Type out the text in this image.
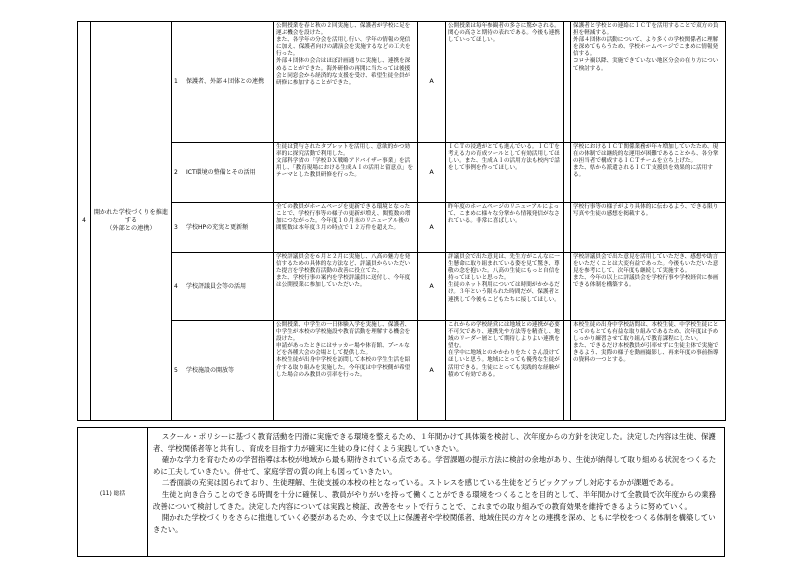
4	開かれた学校づくりを推進する
（外部との連携）	1 保護者、外部４団体との連携	公開授業を春と秋の２回実施し、保護者が学校に足を運ぶ機会を設けた。
また、各学年の分会を活用し行い、学年の情報の発信に加え、保護者向けの講演会を実施するなどの工夫を行った。
外部４団体の会合はほぼ計画通りに実施し、連携を深めることができた。海外研修の再開に当たっては後援会と同窓会から経済的な支援を受け、希望生徒全員が研修に参加することができた。	A	公開授業は毎年参観者の多さに驚かされる。関心の高さと期待の表れである。今後も連携していってほしい。		保護者と学校との連絡にＩＣＴを活用することで双方の負担を軽減する。
外部４団体の活動について、より多くの学校関係者に理解を深めてもらうため、学校ホームページでこまめに情報発信する。
コロナ禍以降、実施できていない地区分会の在り方について検討する。
		2 ICT環境の整備とその活用	生徒は貸与されたタブレットを活用し、意欲的かつ効率的に探究活動で利用した。
文部科学省の「学校ＤＸ戦略アドバイザー事業」を活用し、「教育現場における生成ＡＩの活用と留意点」をテーマとした教員研修を行った。	A	ＩＣＴの浸透がとても進んでいる。ＩＣＴを考える力の育成ツールとして有効活用してほしい。また、生成ＡＩの活用方法も校内で話をして事例を作ってほしい。		学校におけるＩＣＴ関係業務が年々増加していたため、現在の体制では継続的な運用が困難であることから、各分掌の担当者で構成するＩＣＴチームを立ち上げた。
また、県から派遣されるＩＣＴ支援員を効果的に活用する。
		3 学校HPの充実と更新頻	全ての教員がホームページを更新できる環境となったことで、学校行事等の様子の更新が増え、閲覧数の増加につながった。今年度１０月末のリニューアル後の閲覧数は本年度３月の時点で１２万件を超えた。	A	昨年度のホームページのリニューアルによって、こまめに様々な分掌から情報発信がなされている。非常に喜ばしい。		学校行事等の様子がより具体的に伝わるよう、できる限り写真や生徒の感想を掲載する。
		4 学校評議員会等の活用	学校評議員会を６月と２月に実施し、八高の魅力を発信するための具体的な方法など、評議員からいただいた提言を学校教育活動の改善に役立てた。
また、学校行事の案内を学校評議員に送付し、今年度は公開授業に参加していただいた。	A	評議員会で出た意見は、先生方がこんなに一生懸命に取り組まれている姿を見て驚き、尊敬の念を抱いた。八高の生徒にもっと自信を持ってほしいと思った。
生徒のネット利用については時間がかかるだけ。３年という限られた時間だが、保護者と連携して今後もこどもたちに接してほしい。		学校評議員会で出た意見を活用していただき、感想や助言をいただくことは大変有益であった。今後もいただいた意見を参考にして、次年度も継続して実施する。
また、今年の以上に評議員会を学校行事や学校経営に参画できる体制を構築する。
		5 学校施設の開放等	公開授業、中学生の一日体験入学を実施し、保護者、中学生が本校の学校施設や教育活動を理解する機会を設けた。
申請があったときにはサッカー場や体育館、プールなどを各種大会の会場として提供した。
本校生徒が出身中学校を訪問して本校の学生生活を紹介する取り組みを実施した。今年度は中学校側が希望した場合のみ教員の引率を行った。	A	これからの学校経営には地域との連携が必要不可欠であり、連携先や方法等を精査し、地域のリーダー層として期待しよりよい連携を望む。
在学中に地域とのかかわりをたくさん設けてほしいと思う。地域にとっても優秀な生徒が活用できる。生徒にとっても実践的な経験が積めて有効である。		本校生徒の出身中学校訪問は、本校生徒、中学校生徒にとってのもとても有益な取り組みであるため、次年度は予めしっかり練習させて取り組んで教育課程にしたい。
また、できるだけ本校教員が引率せずに生徒主体で実施できるよう、実際の様子を動画撮影し、再来年度の事前指導の資料の一つとする。
(11) 総括

スクール・ポリシーに基づく教育活動を円滑に実施できる環境を整えるため、１年間かけて具体策を検討し、次年度からの方針を決定した。決定した内容は生徒、保護者、学校関係者等と共有し、育成を目指す力が確実に生徒の身に付くよう実践していきたい。

確かな学力を育むための学習指導は本校が地域から最も期待されている点である。学習課題の提示方法に検討の余地があり、生徒が納得して取り組める状況をつくるために工夫していきたい。併せて、家庭学習の質の向上も図っていきたい。

二香面談の充実は図られており、生徒理解、生徒支援の本校の柱となっている。ストレスを感じている生徒をどうピックアップし対応するかが課題である。

生徒と向き合うことのできる時間を十分に確保し、教員がやりがいを持って働くことができる環境をつくることを目的として、半年間かけて全教員で次年度からの業務改善について検討してきた。決定した内容については実践と検証、改善をセットで行うことで、これまでの取り組みでの教育効果を維持できるように努めていく。

開かれた学校づくりをさらに推進していく必要があるため、今まで以上に保護者や学校関係者、地域住民の方々との連携を深め、ともに学校をつくる体制を構築していきたい。
